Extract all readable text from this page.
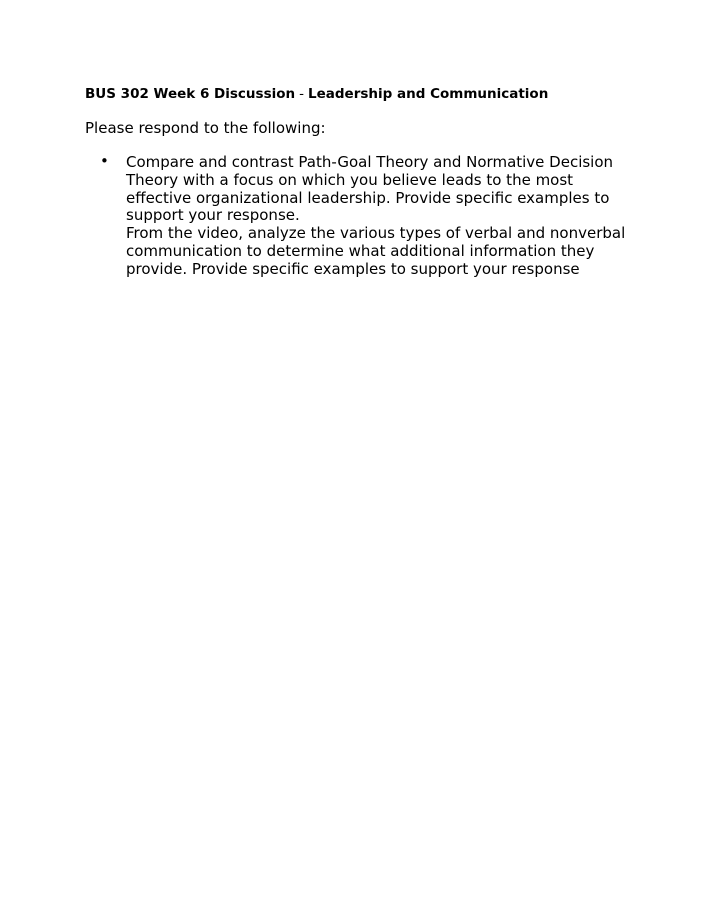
BUS 302 Week 6 Discussion - Leadership and Communication

Please respond to the following:

• Compare and contrast Path-Goal Theory and Normative Decision Theory with a focus on which you believe leads to the most effective organizational leadership. Provide specific examples to support your response.
From the video, analyze the various types of verbal and nonverbal communication to determine what additional information they provide. Provide specific examples to support your response
